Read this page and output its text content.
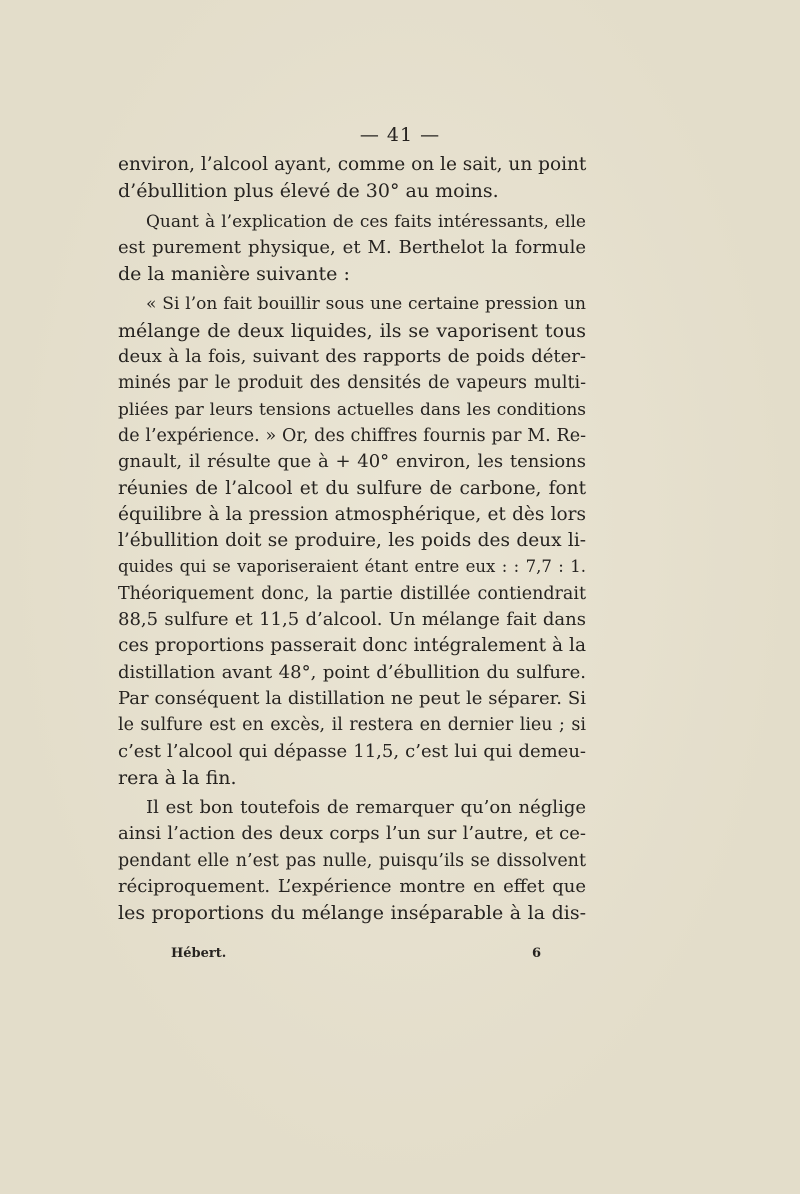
— 41 —
environ, l’alcool ayant, comme on le sait, un point
d’ébullition plus élevé de 30° au moins.
Quant à l’explication de ces faits intéressants, elle
est purement physique, et M. Berthelot la formule
de la manière suivante :
« Si l’on fait bouillir sous une certaine pression un
mélange de deux liquides, ils se vaporisent tous
deux à la fois, suivant des rapports de poids déter-
minés par le produit des densités de vapeurs multi-
pliées par leurs tensions actuelles dans les conditions
de l’expérience. » Or, des chiffres fournis par M. Re-
gnault, il résulte que à + 40° environ, les tensions
réunies de l’alcool et du sulfure de carbone, font
équilibre à la pression atmosphérique, et dès lors
l’ébullition doit se produire, les poids des deux li-
quides qui se vaporiseraient étant entre eux : : 7,7 : 1.
Théoriquement donc, la partie distillée contiendrait
88,5 sulfure et 11,5 d’alcool. Un mélange fait dans
ces proportions passerait donc intégralement à la
distillation avant 48°, point d’ébullition du sulfure.
Par conséquent la distillation ne peut le séparer. Si
le sulfure est en excès, il restera en dernier lieu ; si
c’est l’alcool qui dépasse 11,5, c’est lui qui demeu-
rera à la fin.
Il est bon toutefois de remarquer qu’on néglige
ainsi l’action des deux corps l’un sur l’autre, et ce-
pendant elle n’est pas nulle, puisqu’ils se dissolvent
réciproquement. L’expérience montre en effet que
les proportions du mélange inséparable à la dis-
Hébert.	6
